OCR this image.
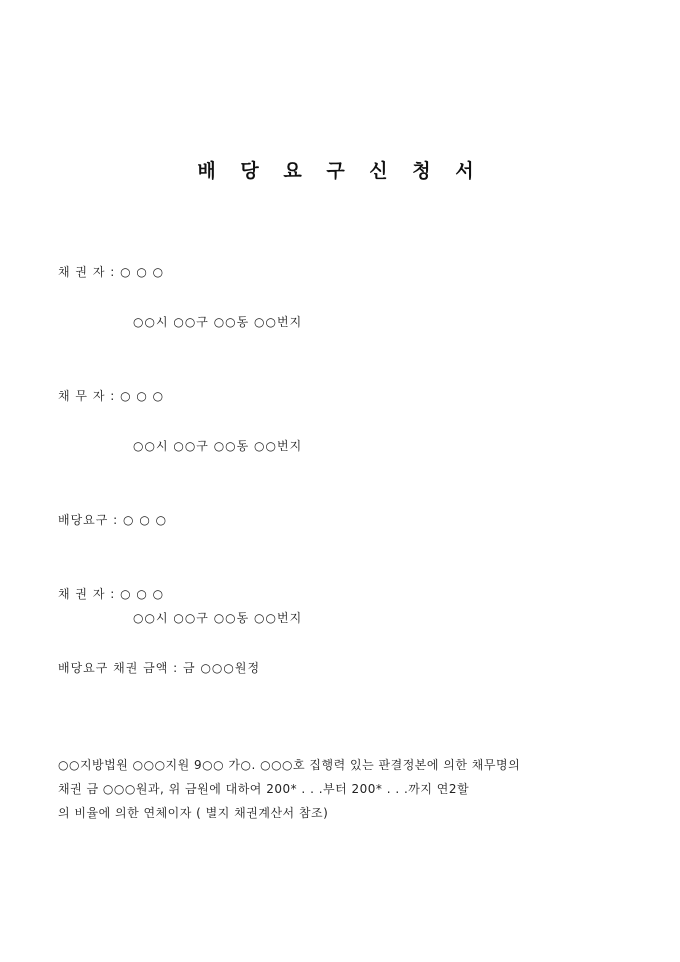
배 당 요 구 신 청 서
채 권 자 : ○ ○ ○
○○시 ○○구 ○○동 ○○번지
채 무 자 : ○ ○ ○
○○시 ○○구 ○○동 ○○번지
배당요구 : ○ ○ ○
채 권 자 : ○ ○ ○
○○시 ○○구 ○○동 ○○번지
배당요구 채권 금액 : 금 ○○○원정
○○지방법원 ○○○지원 9○○ 가○. ○○○호 집행력 있는 판결정본에 의한 채무명의
채권 금 ○○○원과, 위 금원에 대하여 200* . . .부터 200* . . .까지 연2할
의 비율에 의한 연체이자 ( 별지 채권계산서 참조)
